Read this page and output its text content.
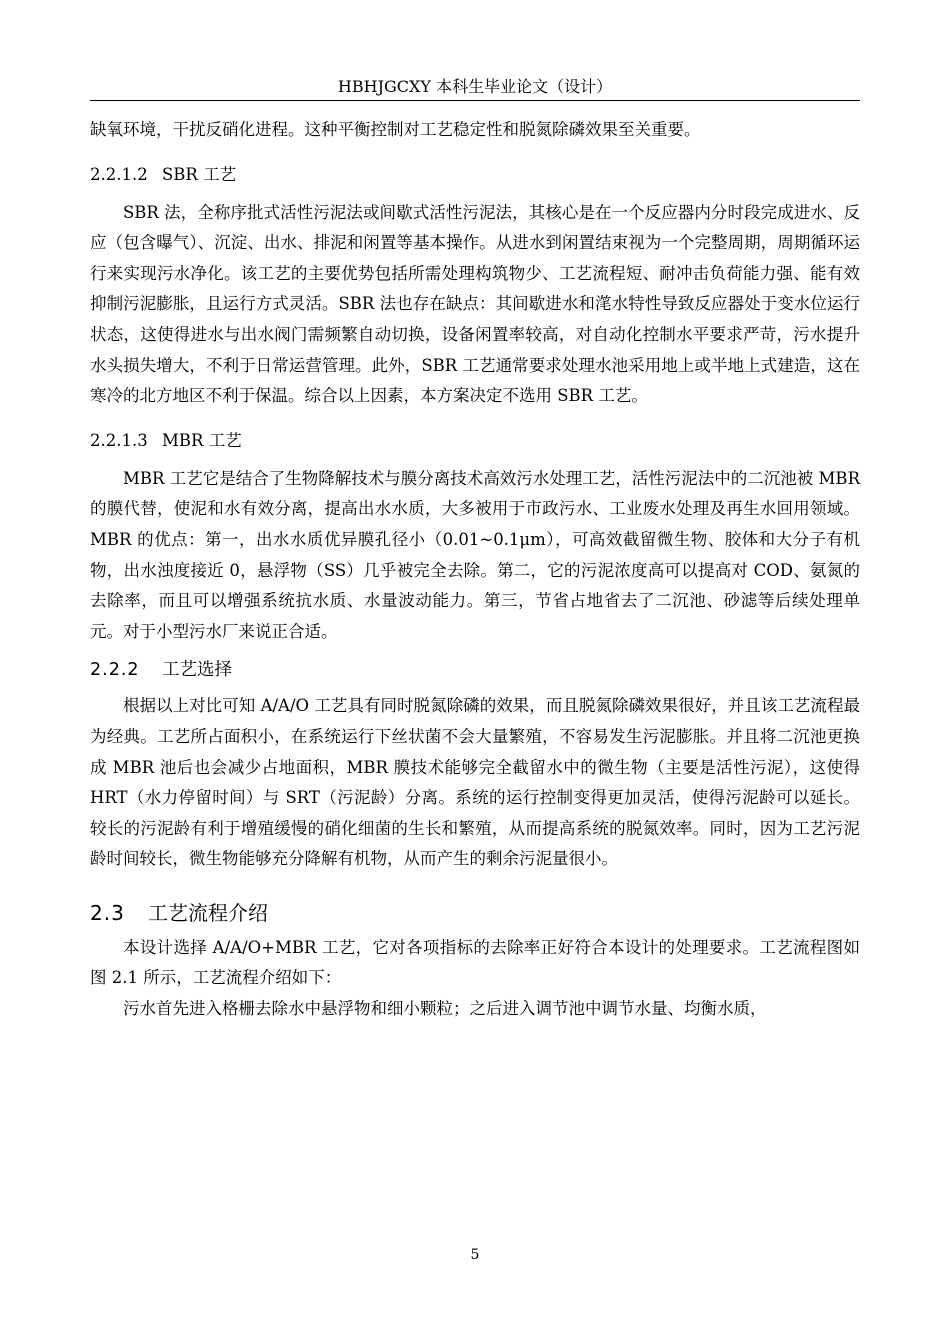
HBHJGCXY 本科生毕业论文（设计）

缺氧环境，干扰反硝化进程。这种平衡控制对工艺稳定性和脱氮除磷效果至关重要。

2.2.1.2 SBR 工艺

SBR 法，全称序批式活性污泥法或间歇式活性污泥法，其核心是在一个反应器内分时段完成进水、反应（包含曝气）、沉淀、出水、排泥和闲置等基本操作。从进水到闲置结束视为一个完整周期，周期循环运行来实现污水净化。该工艺的主要优势包括所需处理构筑物少、工艺流程短、耐冲击负荷能力强、能有效抑制污泥膨胀，且运行方式灵活。SBR 法也存在缺点：其间歇进水和滗水特性导致反应器处于变水位运行状态，这使得进水与出水阀门需频繁自动切换，设备闲置率较高，对自动化控制水平要求严苛，污水提升水头损失增大，不利于日常运营管理。此外，SBR 工艺通常要求处理水池采用地上或半地上式建造，这在寒冷的北方地区不利于保温。综合以上因素，本方案决定不选用 SBR 工艺。

2.2.1.3 MBR 工艺

MBR 工艺它是结合了生物降解技术与膜分离技术高效污水处理工艺，活性污泥法中的二沉池被 MBR 的膜代替，使泥和水有效分离，提高出水水质，大多被用于市政污水、工业废水处理及再生水回用领域。MBR 的优点：第一，出水水质优异膜孔径小（0.01~0.1μm），可高效截留微生物、胶体和大分子有机物，出水浊度接近 0，悬浮物（SS）几乎被完全去除。第二，它的污泥浓度高可以提高对 COD、氨氮的去除率，而且可以增强系统抗水质、水量波动能力。第三，节省占地省去了二沉池、砂滤等后续处理单元。对于小型污水厂来说正合适。

2.2.2 工艺选择

根据以上对比可知 A/A/O 工艺具有同时脱氮除磷的效果，而且脱氮除磷效果很好，并且该工艺流程最为经典。工艺所占面积小，在系统运行下丝状菌不会大量繁殖，不容易发生污泥膨胀。并且将二沉池更换成 MBR 池后也会减少占地面积，MBR 膜技术能够完全截留水中的微生物（主要是活性污泥），这使得 HRT（水力停留时间）与 SRT（污泥龄）分离。系统的运行控制变得更加灵活，使得污泥龄可以延长。较长的污泥龄有利于增殖缓慢的硝化细菌的生长和繁殖，从而提高系统的脱氮效率。同时，因为工艺污泥龄时间较长，微生物能够充分降解有机物，从而产生的剩余污泥量很小。

2.3 工艺流程介绍

本设计选择 A/A/O+MBR 工艺，它对各项指标的去除率正好符合本设计的处理要求。工艺流程图如图 2.1 所示，工艺流程介绍如下：

污水首先进入格栅去除水中悬浮物和细小颗粒；之后进入调节池中调节水量、均衡水质，

5
